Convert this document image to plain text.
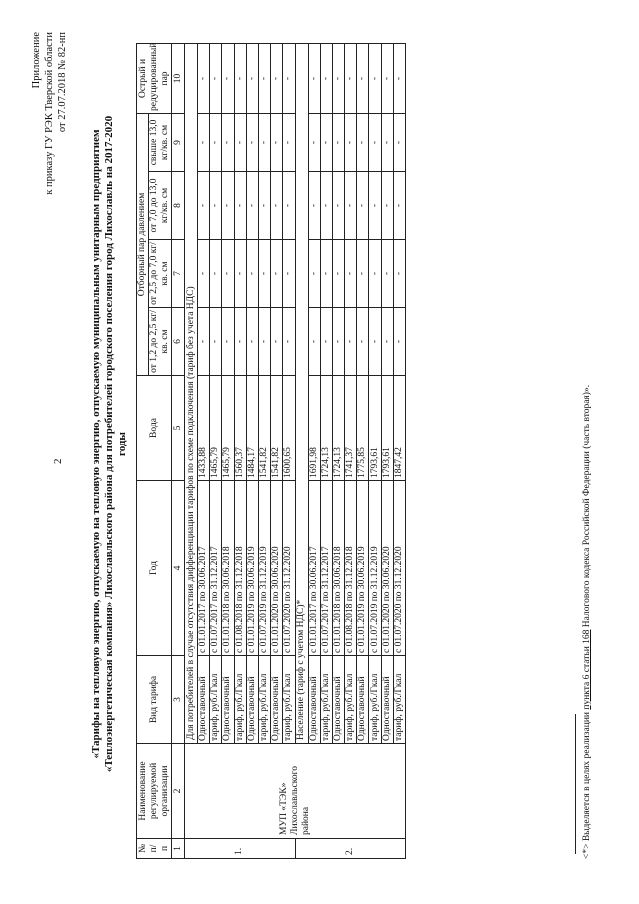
2
Приложение к приказу ГУ РЭК Тверской области от 27.07.2018 № 82-нп
«Тарифы на тепловую энергию, отпускаемую на тепловую энергию, отпускаемую муниципальным унитарным предприятием «Теплоэнергетическая компания» Лихославльского района для потребителей городского поселения город Лихославль на 2017-2020 годы
№ п/ п	Наименование регулируемой организации	Вид тарифа	Год	Вода	Отборный пар давлением				Острый и редуцированный пар
					от 1,2 до 2,5 кг/кв. см	от 2,5 до 7,0 кг/кв. см	от 7,0 до 13,0 кг/кв. см	свыше 13,0 кг/кв. см	
1	2	3	4	5	6	7	8	9	10
1.	МУП «ТЭК» Лихославльского района	Для потребителей в случае отсутствия дифференциации тарифов по схеме подключения (тариф без учета НДС)							
		Одноставочный	с 01.01.2017 по 30.06.2017	1433,88	-	-	-	-	-
		тариф, руб./Гкал	с 01.07.2017 по 31.12.2017	1465,79	-	-	-	-	-
		Одноставочный	с 01.01.2018 по 30.06.2018	1465,79	-	-	-	-	-
		тариф, руб./Гкал	с 01.08.2018 по 31.12.2018	1560,37	-	-	-	-	-
		Одноставочный	с 01.01.2019 по 30.06.2019	1484,17	-	-	-	-	-
		тариф, руб./Гкал	с 01.07.2019 по 31.12.2019	1541,82	-	-	-	-	-
		Одноставочный	с 01.01.2020 по 30.06.2020	1541,82	-	-	-	-	-
		тариф, руб./Гкал	с 01.07.2020 по 31.12.2020	1600,65	-	-	-	-	-
2.		Население (тариф с учетом НДС)*							
		Одноставочный	с 01.01.2017 по 30.06.2017	1691,98	-	-	-	-	-
		тариф, руб./Гкал	с 01.07.2017 по 31.12.2017	1724,13	-	-	-	-	-
		Одноставочный	с 01.01.2018 по 30.06.2018	1724,13	-	-	-	-	-
		тариф, руб./Гкал	с 01.08.2018 по 31.12.2018	1741,37	-	-	-	-	-
		Одноставочный	с 01.01.2019 по 30.06.2019	1775,85	-	-	-	-	-
		тариф, руб./Гкал	с 01.07.2019 по 31.12.2019	1793,61	-	-	-	-	-
		Одноставочный	с 01.01.2020 по 30.06.2020	1793,61	-	-	-	-	-
		тариф, руб./Гкал	с 01.07.2020 по 31.12.2020	1847,42	-	-	-	-	-
<*> Выделяется в целях реализации пункта 6 статьи 168 Налогового кодекса Российской Федерации (часть вторая)».
